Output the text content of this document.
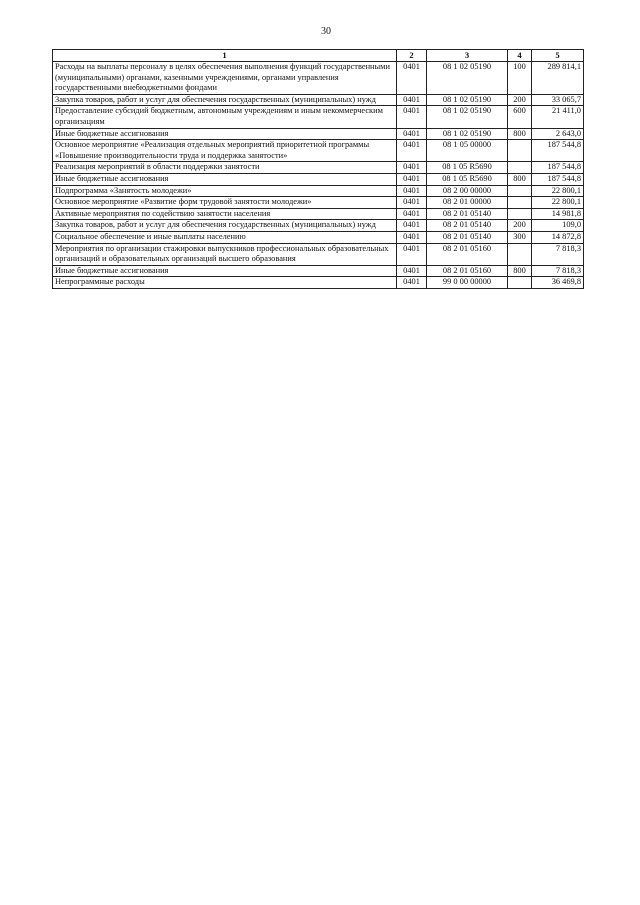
30
1	2	3	4	5
Расходы на выплаты персоналу в целях обеспечения выполнения функций государственными (муниципальными) органами, казенными учреждениями, органами управления государственными внебюджетными фондами	0401	08 1 02 05190	100	289 814,1
Закупка товаров, работ и услуг для обеспечения государственных (муниципальных) нужд	0401	08 1 02 05190	200	33 065,7
Предоставление субсидий бюджетным, автономным учреждениям и иным некоммерческим организациям	0401	08 1 02 05190	600	21 411,0
Иные бюджетные ассигнования	0401	08 1 02 05190	800	2 643,0
Основное мероприятие «Реализация отдельных мероприятий приоритетной программы «Повышение производительности труда и поддержка занятости»	0401	08 1 05 00000		187 544,8
Реализация мероприятий в области поддержки занятости	0401	08 1 05 R5690		187 544,8
Иные бюджетные ассигнования	0401	08 1 05 R5690	800	187 544,8
Подпрограмма «Занятость молодежи»	0401	08 2 00 00000		22 800,1
Основное мероприятие «Развитие форм трудовой занятости молодежи»	0401	08 2 01 00000		22 800,1
Активные мероприятия по содействию занятости населения	0401	08 2 01 05140		14 981,8
Закупка товаров, работ и услуг для обеспечения государственных (муниципальных) нужд	0401	08 2 01 05140	200	109,0
Социальное обеспечение и иные выплаты населению	0401	08 2 01 05140	300	14 872,8
Мероприятия по организации стажировки выпускников профессиональных образовательных организаций и образовательных организаций высшего образования	0401	08 2 01 05160		7 818,3
Иные бюджетные ассигнования	0401	08 2 01 05160	800	7 818,3
Непрограммные расходы	0401	99 0 00 00000		36 469,8
